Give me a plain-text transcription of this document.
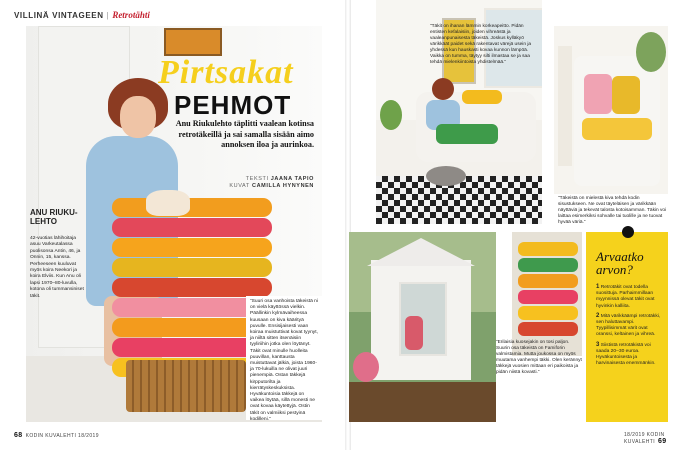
VILLINÄ VINTAGEEN | Retrotähti
Pirtsakat
PEHMOT
Anu Riukulehto täplitti vaalean kotinsa retrotäkeillä ja sai samalla sisään aimo annoksen iloa ja aurinkoa.
TEKSTI JAANA TAPIO
KUVAT CAMILLA HYNYNEN
ANU RIUKU-LEHTO
42-vuotias lähihoitaja asuu Varkeutalassa puolisonsa Antin, 46, ja Onnin, 15, kanssa. Perheeseen kuuluvat myös koira Neekori ja koira Elviis. Kun Anu oli lapsi 1970–80-luvulla, kotona oli tummansiniset täkit.

”Suuri osa vanhoista täkeistä ni on vielä käyttössä vielkin. Päällinkin kylmävaiheessa kuusaan on kiva käärityä puvulle. Ensisijaisesti vaan koiraa muistuttivat kovat tyynyt, ja niiltä sitten itsenäisiin tyyliriihin jotka olen löytänyt. Täkit ovat minulle huolleita puuvillan, kanttausta muistuttavat jälkiä, joista 1960- ja 70-lukuilla ne olivat juuri pienempiä. Ostan täkkejä kirpputorilta ja kierrätyskeskuksista. Hyväkuntoisia täkkejä on vaikea löytää, sillä monesti ne ovat kovaa käytettyjä. Ostin täkit on valmiiksi pestyinä kodilleni.”

”Täkit on ihanan lämmin korkeapeitto. Pidän entisten kefalaisiin, joiden vihreästä ja vaaleanpunaisesta täkeistä. Joskus kylläkyö värikkäät paidet sekä rakentavat värejä usein ja yhdessä kun hauskasti kovaa kunnon lämpöä. Vaikka on tumma, täytyy silti ilmastaa se ja saa tehdä mielenkiintoista yhdistelmää.”
”Täkeistä on mielestä kiva tehdä kodin sisustukseen. Ne ovat täyteläisen ja värikkään näyttäviä ja tekevät talosta kotoisamman. Täkin voi laittaa esimerkiksi sohvalle tai tuolille ja ne tuovat hyvää väriä.”
”Erilaisia kuosejakin on tosi paljon. Suurin osa täkeistä on Famiforin valmistamia. Mutta joukossa on myös muutama vanhempi täkki. Olen kerännyt täkkejä vuosien mittaan eri paikoista ja pidän niistä kovasti.”
Arvaatko arvon?
1 Retrotäkit ovat todella suosittuja. Parhaimmillaan myynnissä olevat täkit ovat hyvinkin kalliita.
2 Mitä värikkäämpi retrotäkki, sen haluttavampi. Tyypillisimmät värit ovat oranssi, keltainen ja vihreä.
3 Siististä retrotäkistä voi saada 20–30 euroa. Hyväkuntoisesta ja harvinaisesta enemmänkin.
68 KODIN KUVALEHTI 18/2019	18/2019 KODIN KUVALEHTI 69
